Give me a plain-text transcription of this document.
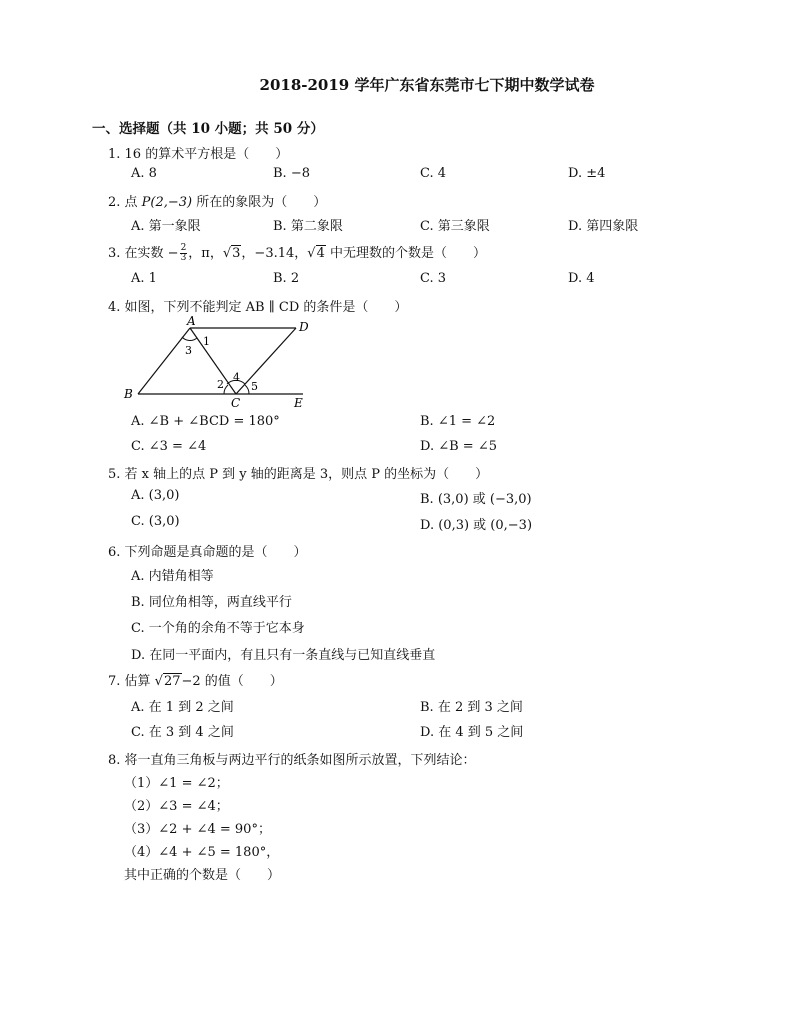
2018-2019 学年广东省东莞市七下期中数学试卷
一、选择题（共 10 小题；共 50 分）
1. 16 的算术平方根是（　　）
A. 8	B. −8	C. 4	D. ±4
2. 点 P(2,−3) 所在的象限为（　　）
A. 第一象限	B. 第二象限	C. 第三象限	D. 第四象限
3. 在实数 − $\frac{2}{3}$ ，π，√3，−3.14，√4 中无理数的个数是（　　）
A. 1	B. 2	C. 3	D. 4
4. 如图，下列不能判定 AB ∥ CD 的条件是（　　）
A	D
B
C	E
1
3
2
4
5
A. ∠B + ∠BCD = 180°	B. ∠1 = ∠2
C. ∠3 = ∠4	D. ∠B = ∠5
5. 若 x 轴上的点 P 到 y 轴的距离是 3，则点 P 的坐标为（　　）
A. (3,0)	B. (3,0) 或 (−3,0)
C. (3,0)	D. (0,3) 或 (0,−3)
6. 下列命题是真命题的是（　　）
A. 内错角相等
B. 同位角相等，两直线平行
C. 一个角的余角不等于它本身
D. 在同一平面内，有且只有一条直线与已知直线垂直
7. 估算 √27−2 的值（　　）
A. 在 1 到 2 之间	B. 在 2 到 3 之间
C. 在 3 到 4 之间	D. 在 4 到 5 之间
8. 将一直角三角板与两边平行的纸条如图所示放置，下列结论：
（1）∠1 = ∠2；
（2）∠3 = ∠4；
（3）∠2 + ∠4 = 90°；
（4）∠4 + ∠5 = 180°，
其中正确的个数是（　　）
